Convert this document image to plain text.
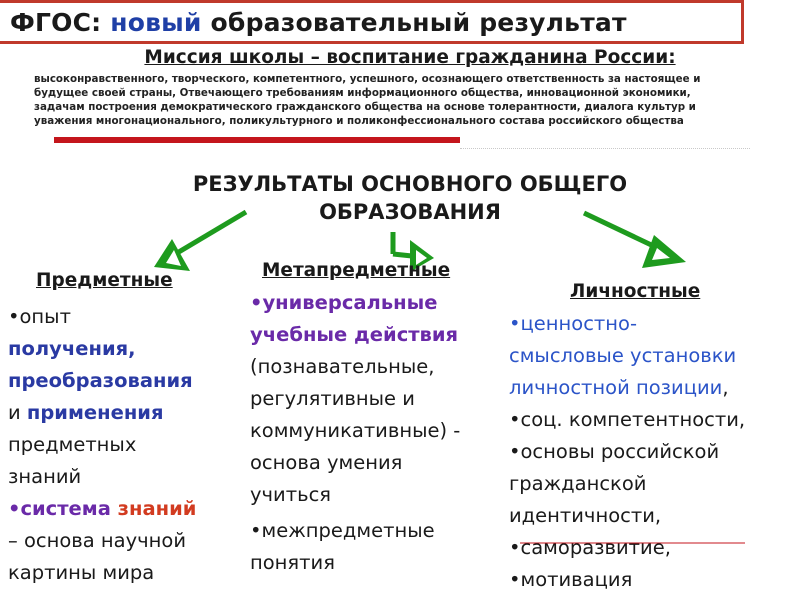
ФГОС: новый образовательный результат
Миссия школы – воспитание гражданина России:
высоконравственного, творческого, компетентного, успешного, осознающего ответственность за настоящее и
будущее своей страны, Отвечающего требованиям информационного общества, инновационной экономики,
задачам построения демократического гражданского общества на основе толерантности, диалога культур и
уважения многонационального, поликультурного и поликонфессионального состава российского общества
РЕЗУЛЬТАТЫ ОСНОВНОГО ОБЩЕГО
ОБРАЗОВАНИЯ
Предметные	Метапредметные
Личностные
•опыт
получения,
преобразования
и применения
предметных
знаний
•система знаний
– основа научной
картины мира
•универсальные
учебные действия
(познавательные,
регулятивные и
коммуникативные) -
основа умения
учиться
•межпредметные
понятия
•ценностно-
смысловые установки
личностной позиции,
•соц. компетентности,
•основы российской
гражданской
идентичности,
•саморазвитие,
•мотивация
